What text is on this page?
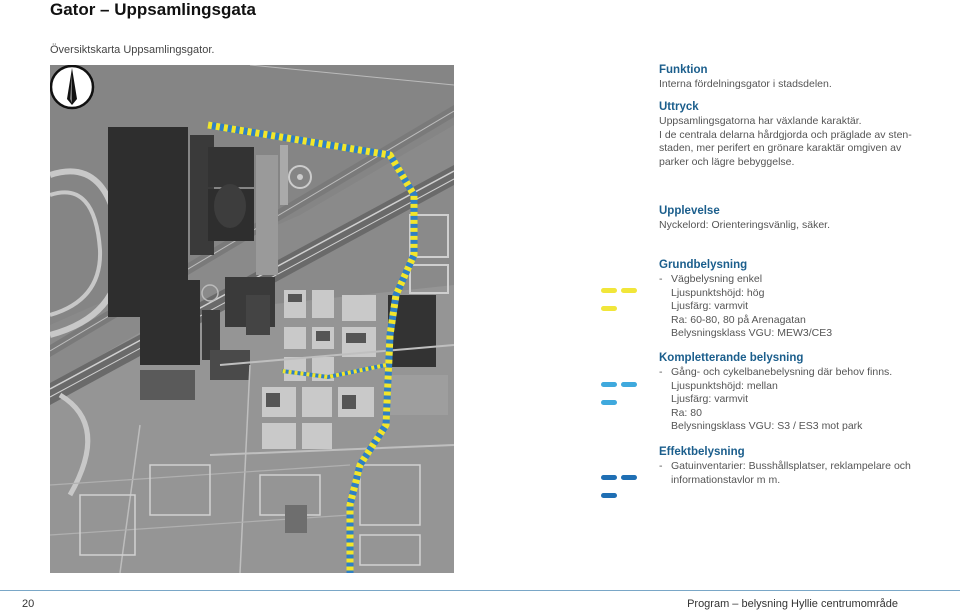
Gator – Uppsamlingsgata
Översiktskarta Uppsamlingsgator.
Funktion
Interna fördelningsgator i stadsdelen.
Uttryck
Uppsamlingsgatorna har växlande karaktär.
I de centrala delarna hårdgjorda och präglade av sten-
staden, mer perifert en grönare karaktär omgiven av
parker och lägre bebyggelse.
Upplevelse
Nyckelord: Orienteringsvänlig, säker.
Grundbelysning
- Vägbelysning enkel
Ljuspunktshöjd: hög
Ljusfärg: varmvit
Ra: 60-80, 80 på Arenagatan
Belysningsklass VGU: MEW3/CE3
Kompletterande belysning
- Gång- och cykelbanebelysning där behov finns.
Ljuspunktshöjd: mellan
Ljusfärg: varmvit
Ra: 80
Belysningsklass VGU: S3 / ES3 mot park
Effektbelysning
- Gatuinventarier: Busshållsplatser, reklampelare och
informationstavlor m m.
20	Program – belysning Hyllie centrumområde
